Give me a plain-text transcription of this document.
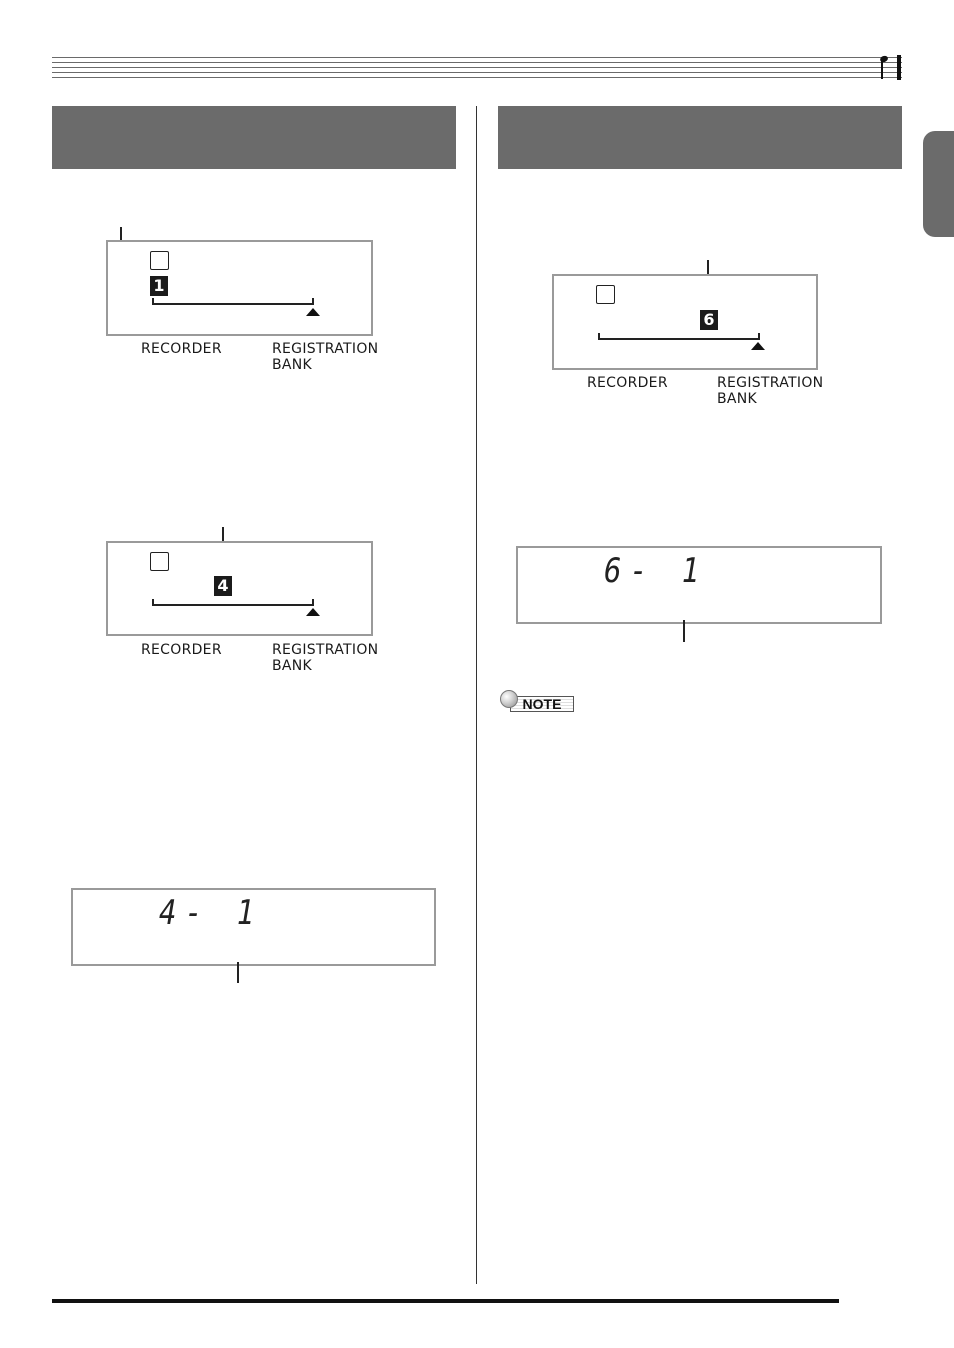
1
RECORDER	REGISTRATION
BANK
4
RECORDER	REGISTRATION
BANK
4- 1
6
RECORDER	REGISTRATION
BANK
6- 1
NOTE
